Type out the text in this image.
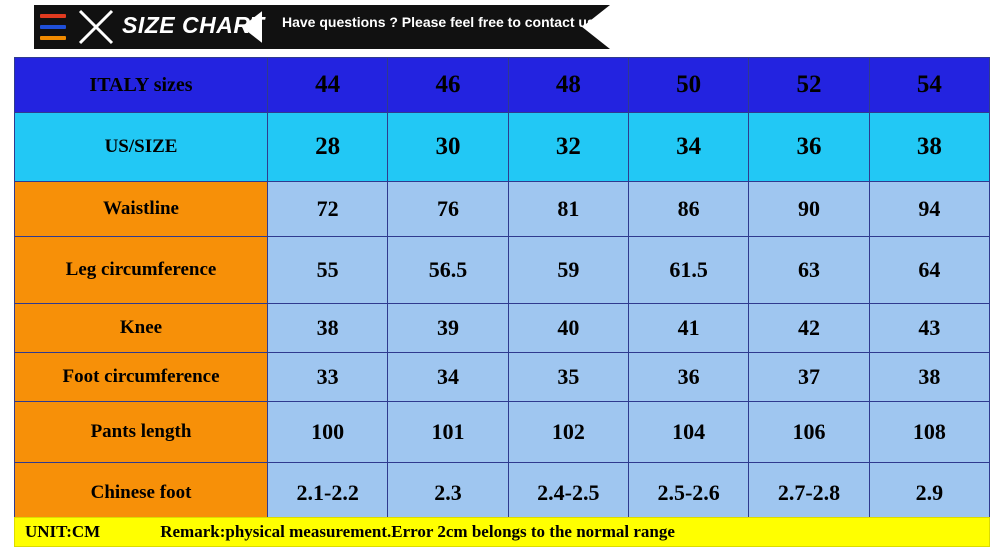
SIZE CHART Have questions ? Please feel free to contact us.
ITALY sizes	44	46	48	50	52	54
US/SIZE	28	30	32	34	36	38
Waistline	72	76	81	86	90	94
Leg circumference	55	56.5	59	61.5	63	64
Knee	38	39	40	41	42	43
Foot circumference	33	34	35	36	37	38
Pants length	100	101	102	104	106	108
Chinese foot	2.1-2.2	2.3	2.4-2.5	2.5-2.6	2.7-2.8	2.9
UNIT:CM	Remark:physical measurement.Error 2cm belongs to the normal range
